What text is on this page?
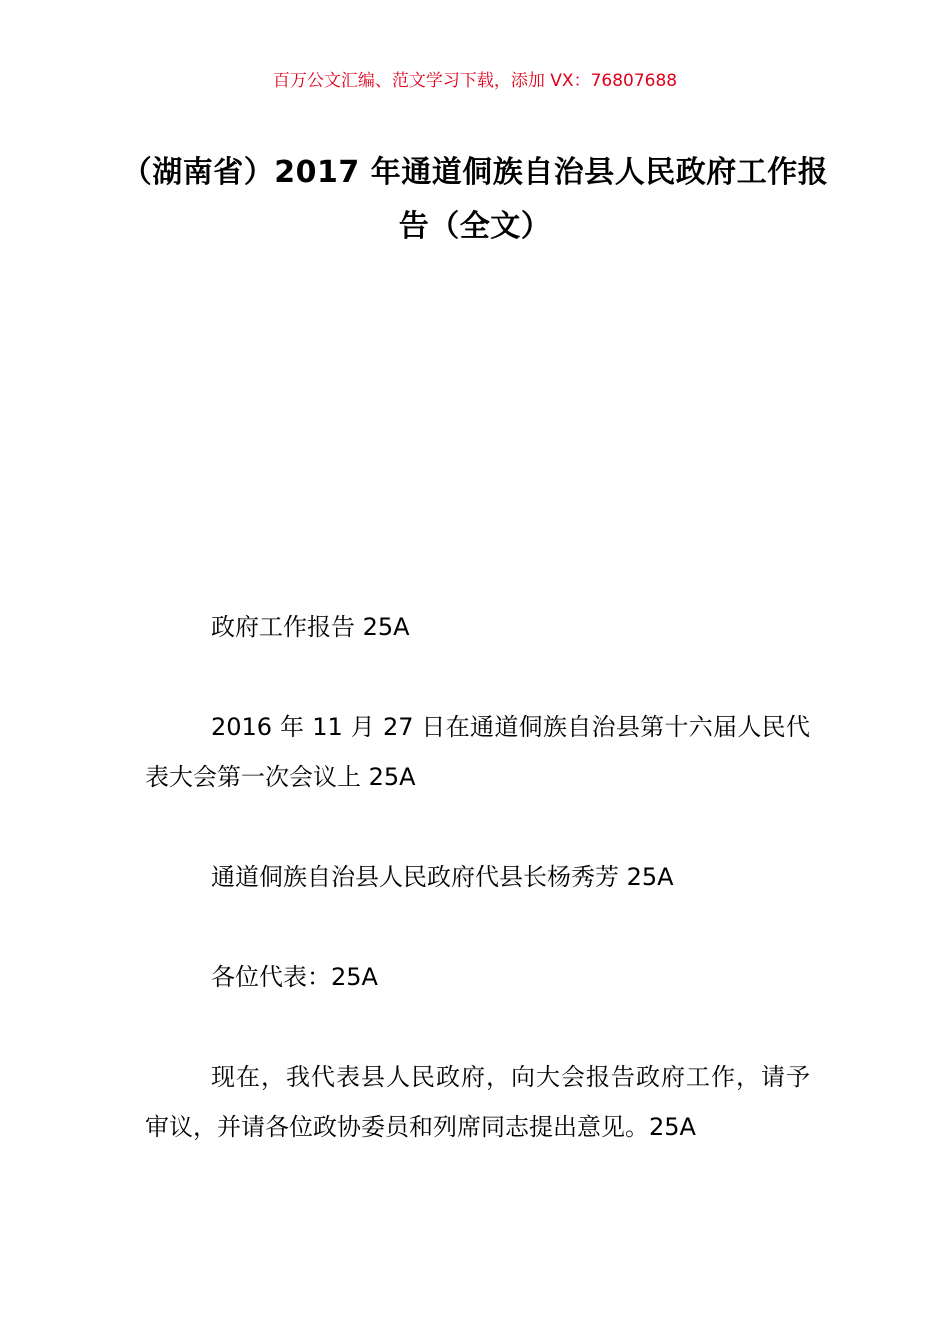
百万公文汇编、范文学习下载，添加 VX：76807688
（湖南省）2017 年通道侗族自治县人民政府工作报告（全文）

政府工作报告 25A

2016 年 11 月 27 日在通道侗族自治县第十六届人民代表大会第一次会议上 25A

通道侗族自治县人民政府代县长杨秀芳 25A

各位代表：25A

现在，我代表县人民政府，向大会报告政府工作，请予审议，并请各位政协委员和列席同志提出意见。25A
